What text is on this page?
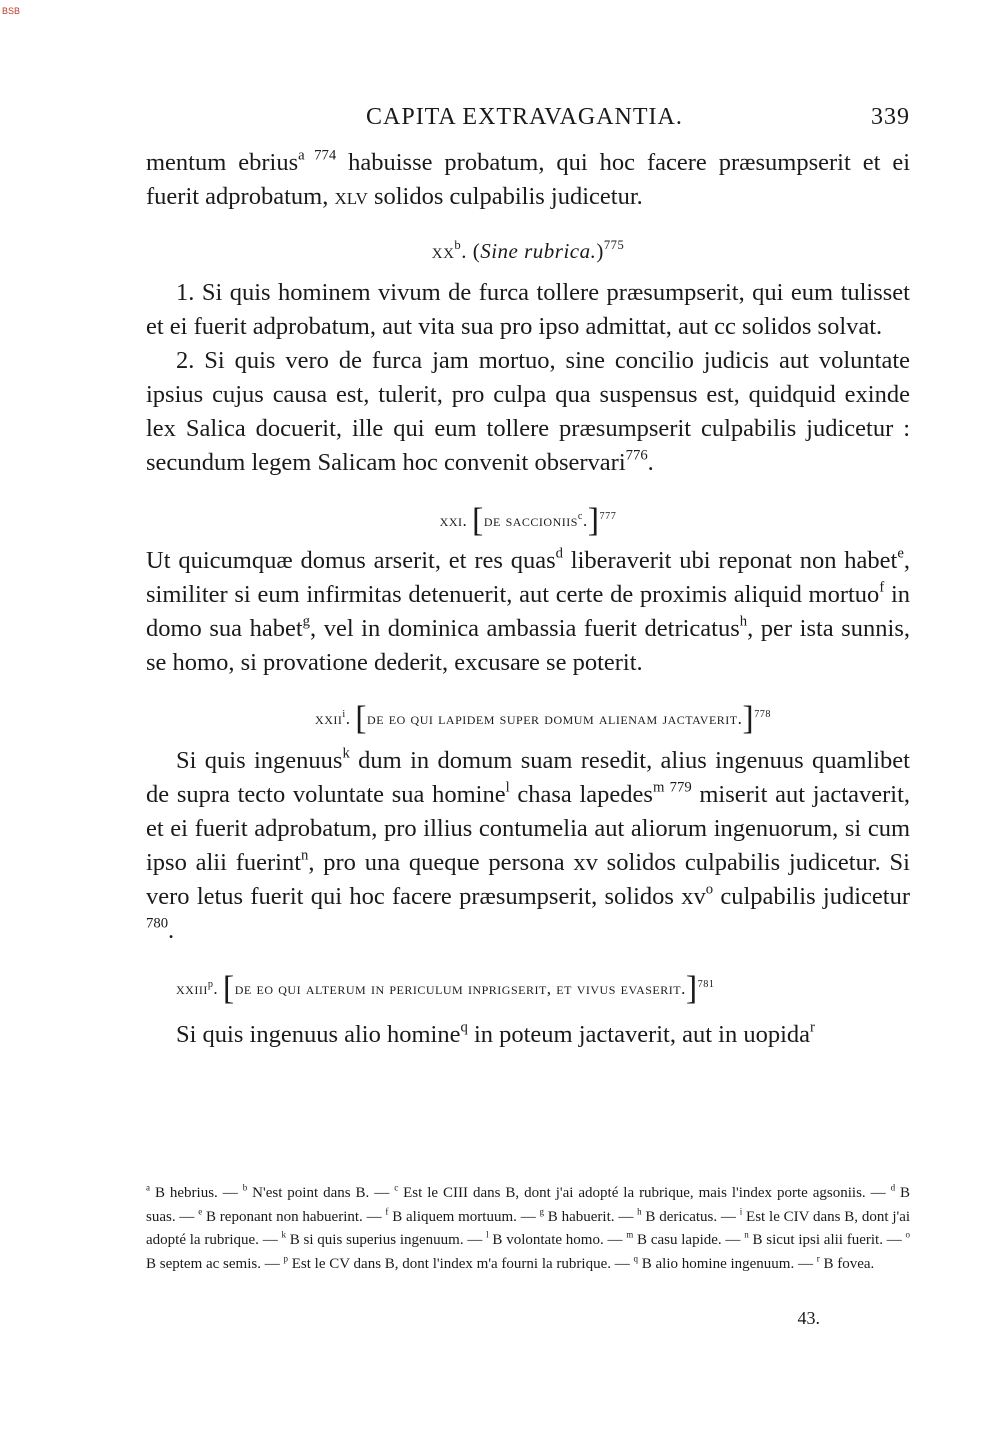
BSB
CAPITA EXTRAVAGANTIA.	339

mentum ebrius$^{a 774}$ habuisse probatum, qui hoc facere præsumpserit et ei fuerit adprobatum, xlv solidos culpabilis judicetur.

$xx^b$. (Sine rubrica.)$^{775}$

1. Si quis hominem vivum de furca tollere præsumpserit, qui eum tulisset et ei fuerit adprobatum, aut vita sua pro ipso admittat, aut cc solidos solvat.

2. Si quis vero de furca jam mortuo, sine concilio judicis aut voluntate ipsius cujus causa est, tulerit, pro culpa qua suspensus est, quidquid exinde lex Salica docuerit, ille qui eum tollere præsumpserit culpabilis judicetur : secundum legem Salicam hoc convenit observari$^{776}$.

xxi. [de saccioniis$^c$.]$^{777}$

Ut quicumquæ domus arserit, et res quas$^d$ liberaverit ubi reponat non habet$^e$, similiter si eum infirmitas detenuerit, aut certe de proximis aliquid mortuo$^f$ in domo sua habet$^g$, vel in dominica ambassia fuerit detricatus$^h$, per ista sunnis, se homo, si provatione dederit, excusare se poterit.

xxii$^i$. [de eo qui lapidem super domum alienam jactaverit.]$^{778}$

Si quis ingenuus$^k$ dum in domum suam resedit, alius ingenuus quamlibet de supra tecto voluntate sua homine$^l$ chasa lapedes$^{m 779}$ miserit aut jactaverit, et ei fuerit adprobatum, pro illius contumelia aut aliorum ingenuorum, si cum ipso alii fuerint$^n$, pro una queque persona xv solidos culpabilis judicetur. Si vero letus fuerit qui hoc facere præsumpserit, solidos $xv^o$ culpabilis judicetur $^{780}$.

xxiii$^p$. [de eo qui alterum in periculum inprigserit, et vivus evaserit.]$^{781}$

Si quis ingenuus alio homine$^q$ in poteum jactaverit, aut in uopida$^r$

$^a$ B hebrius. — $^b$ N'est point dans B. — $^c$ Est le CIII dans B, dont j'ai adopté la rubrique, mais l'index porte agsoniis. — $^d$ B suas. — $^e$ B reponant non habuerint. — $^f$ B aliquem mortuum. — $^g$ B habuerit. — $^h$ B dericatus. — $^i$ Est le CIV dans B, dont j'ai adopté la rubrique. — $^k$ B si quis superius ingenuum. — $^l$ B volontate homo. — $^m$ B casu lapide. — $^n$ B sicut ipsi alii fuerit. — $^o$ B septem ac semis. — $^p$ Est le CV dans B, dont l'index m'a fourni la rubrique. — $^q$ B alio homine ingenuum. — $^r$ B fovea.
43.
